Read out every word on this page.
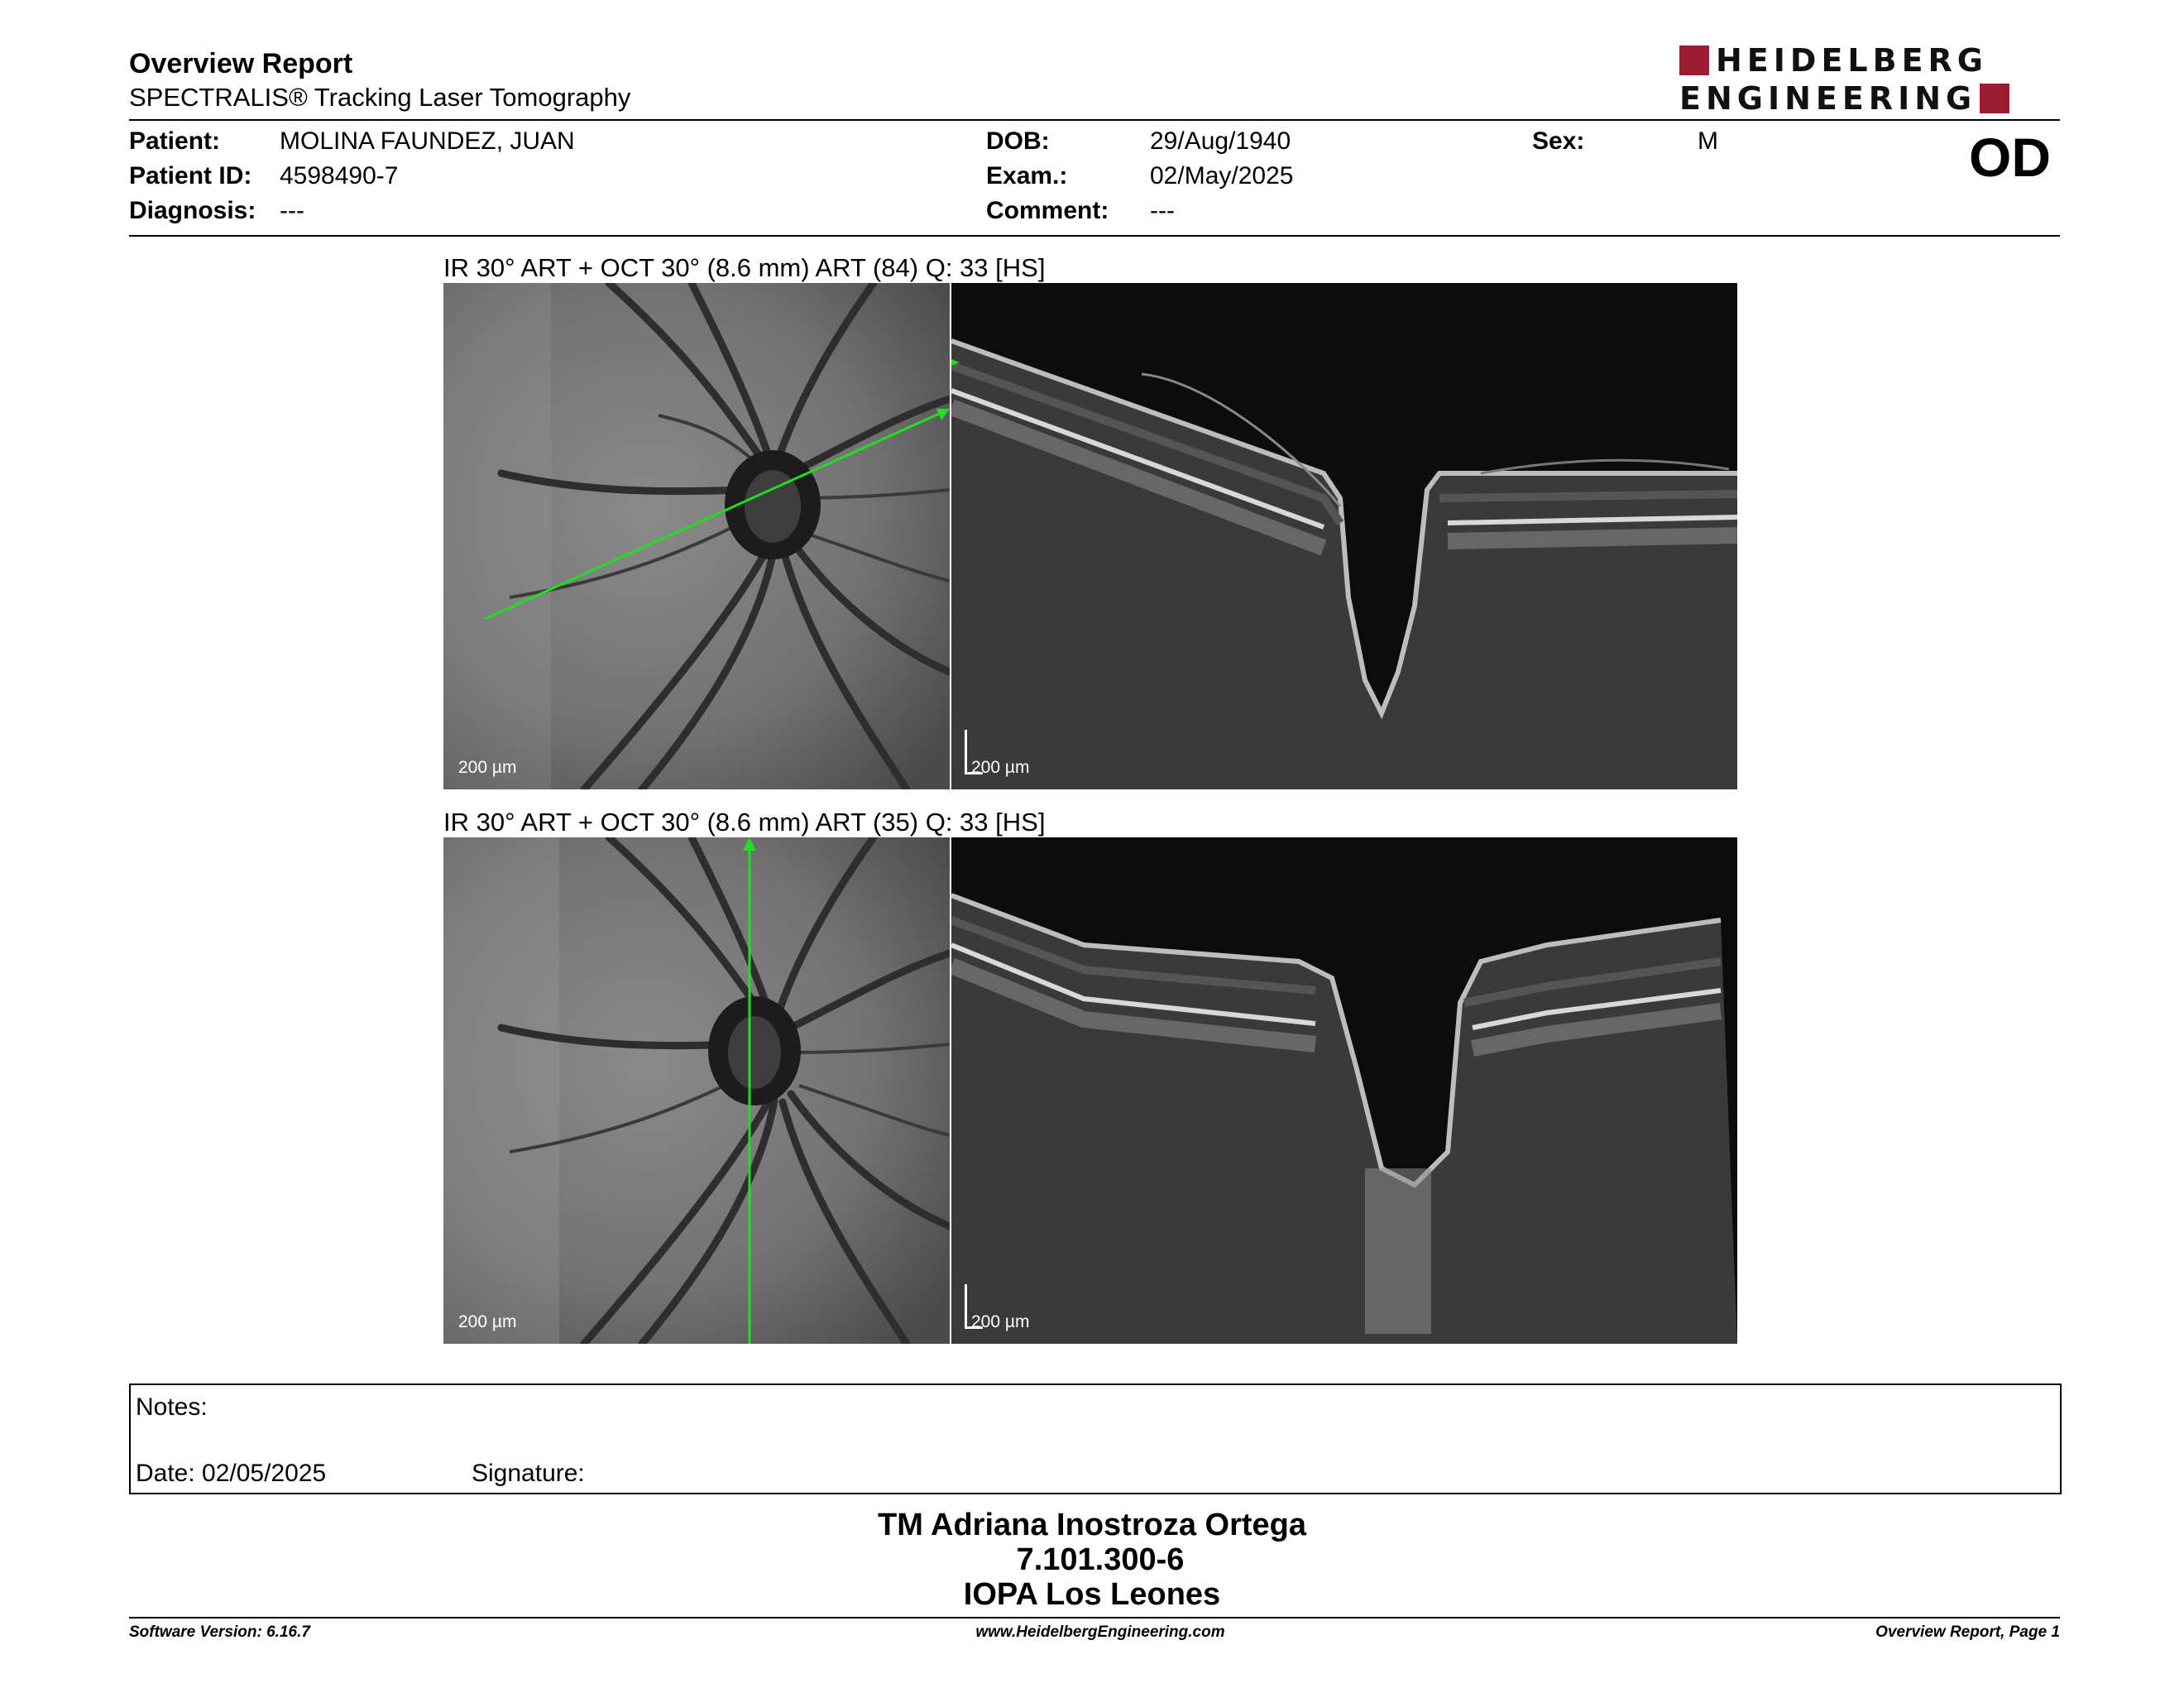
Overview Report
SPECTRALIS® Tracking Laser Tomography
HEIDELBERG
ENGINEERING
Patient: MOLINA FAUNDEZ, JUAN
Patient ID: 4598490-7
Diagnosis: ---
DOB:	29/Aug/1940
Exam.:	02/May/2025
Comment: ---
Sex:	M	OD
IR 30° ART + OCT 30° (8.6 mm) ART (84) Q: 33 [HS]
200 µm	200 µm
IR 30° ART + OCT 30° (8.6 mm) ART (35) Q: 33 [HS]
200 µm	200 µm
Notes:
Date: 02/05/2025	Signature:
TM Adriana Inostroza Ortega
7.101.300-6
IOPA Los Leones
Software Version: 6.16.7	www.HeidelbergEngineering.com	Overview Report, Page 1
